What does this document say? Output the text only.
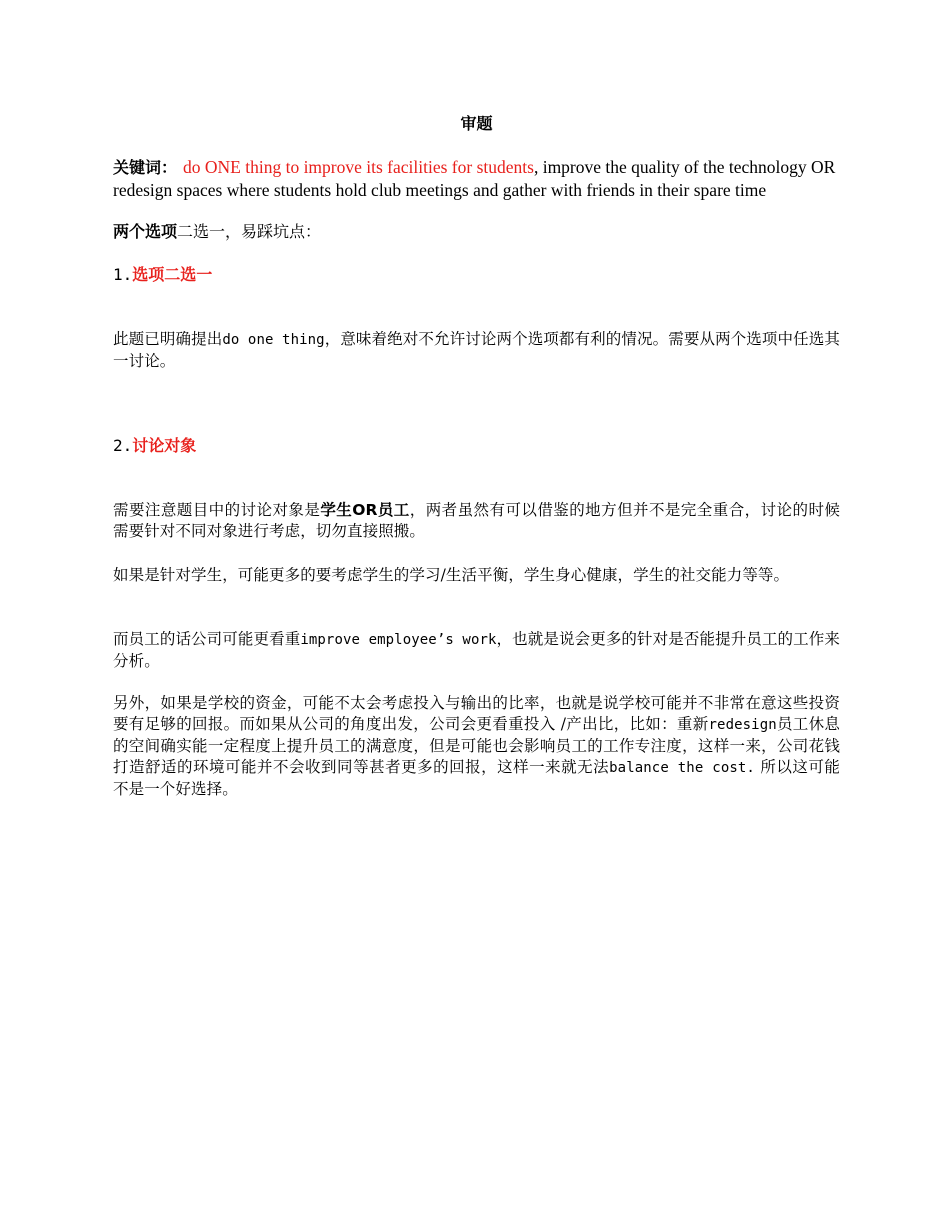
审题
关键词： do ONE thing to improve its facilities for students, improve the quality of the technology OR redesign spaces where students hold club meetings and gather with friends in their spare time
两个选项二选一，易踩坑点：
1.选项二选一
此题已明确提出do one thing，意味着绝对不允许讨论两个选项都有利的情况。需要从两个选项中任选其一讨论。
2.讨论对象
需要注意题目中的讨论对象是学生OR员工，两者虽然有可以借鉴的地方但并不是完全重合，讨论的时候需要针对不同对象进行考虑，切勿直接照搬。
如果是针对学生，可能更多的要考虑学生的学习/生活平衡，学生身心健康，学生的社交能力等等。
而员工的话公司可能更看重improve employee’s work，也就是说会更多的针对是否能提升员工的工作来分析。
另外，如果是学校的资金，可能不太会考虑投入与输出的比率，也就是说学校可能并不非常在意这些投资要有足够的回报。而如果从公司的角度出发，公司会更看重投入 /产出比，比如：重新redesign员工休息的空间确实能一定程度上提升员工的满意度，但是可能也会影响员工的工作专注度，这样一来，公司花钱打造舒适的环境可能并不会收到同等甚者更多的回报，这样一来就无法balance the cost. 所以这可能不是一个好选择。
